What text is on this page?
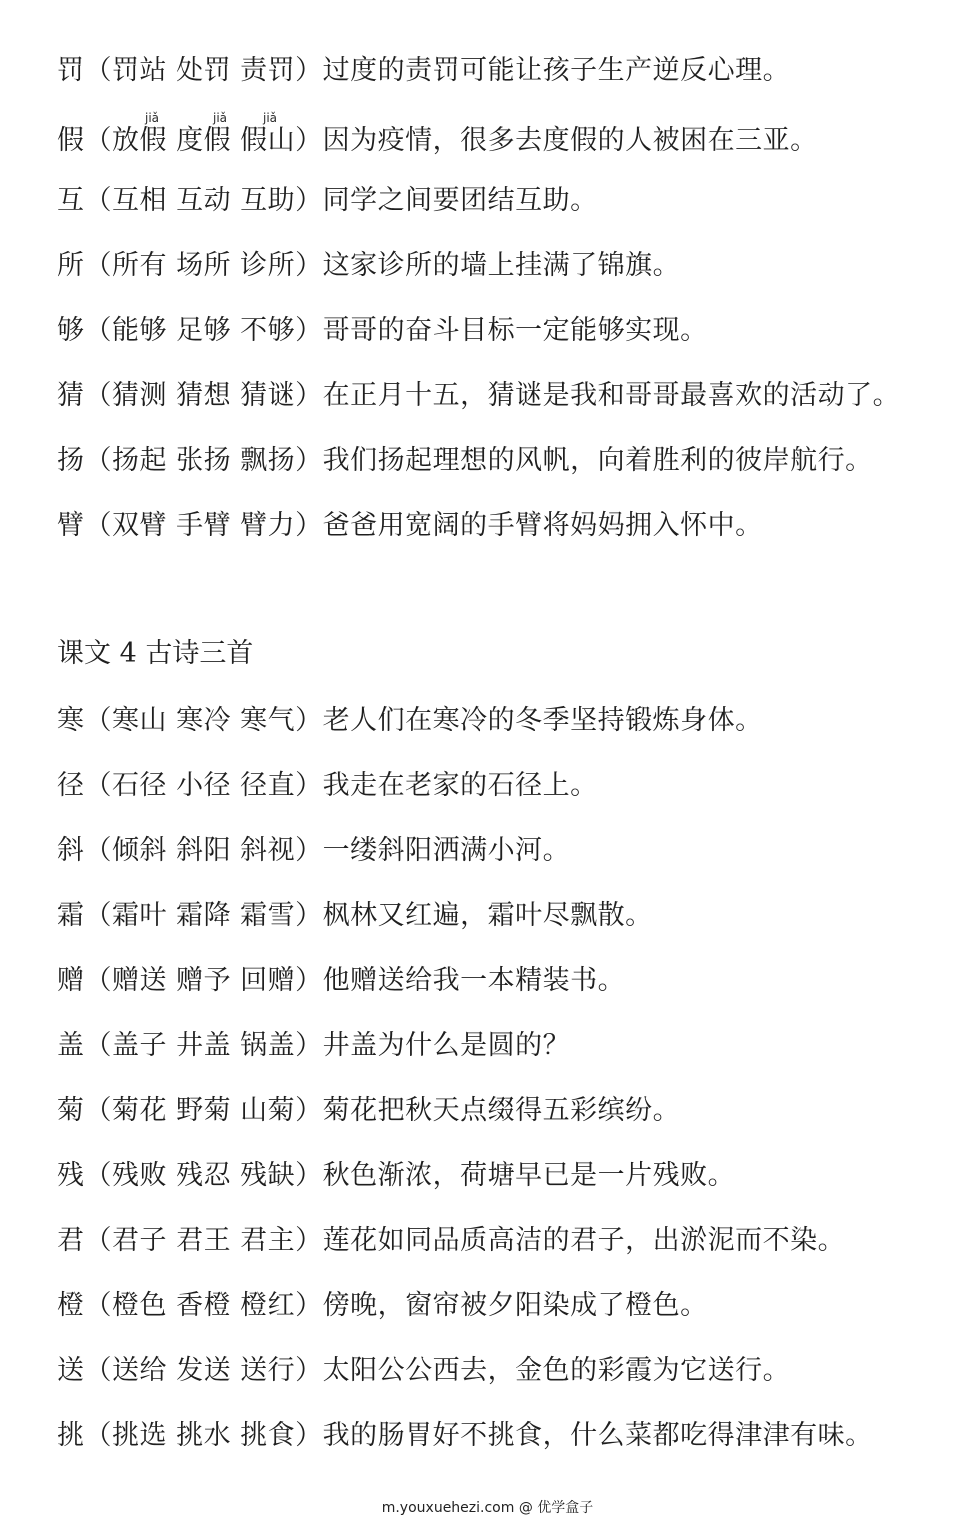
罚（罚站 处罚 责罚）过度的责罚可能让孩子生产逆反心理。
jiǎ	jiǎ	jiǎ
假（放假 度假 假山）因为疫情，很多去度假的人被困在三亚。
互（互相 互动 互助）同学之间要团结互助。
所（所有 场所 诊所）这家诊所的墙上挂满了锦旗。
够（能够 足够 不够）哥哥的奋斗目标一定能够实现。
猜（猜测 猜想 猜谜）在正月十五，猜谜是我和哥哥最喜欢的活动了。
扬（扬起 张扬 飘扬）我们扬起理想的风帆，向着胜利的彼岸航行。
臂（双臂 手臂 臂力）爸爸用宽阔的手臂将妈妈拥入怀中。
课文 4 古诗三首
寒（寒山 寒冷 寒气）老人们在寒冷的冬季坚持锻炼身体。
径（石径 小径 径直）我走在老家的石径上。
斜（倾斜 斜阳 斜视）一缕斜阳洒满小河。
霜（霜叶 霜降 霜雪）枫林又红遍，霜叶尽飘散。
赠（赠送 赠予 回赠）他赠送给我一本精装书。
盖（盖子 井盖 锅盖）井盖为什么是圆的？
菊（菊花 野菊 山菊）菊花把秋天点缀得五彩缤纷。
残（残败 残忍 残缺）秋色渐浓，荷塘早已是一片残败。
君（君子 君王 君主）莲花如同品质高洁的君子，出淤泥而不染。
橙（橙色 香橙 橙红）傍晚，窗帘被夕阳染成了橙色。
送（送给 发送 送行）太阳公公西去，金色的彩霞为它送行。
挑（挑选 挑水 挑食）我的肠胃好不挑食，什么菜都吃得津津有味。
m.youxuehezi.com @ 优学盒子
